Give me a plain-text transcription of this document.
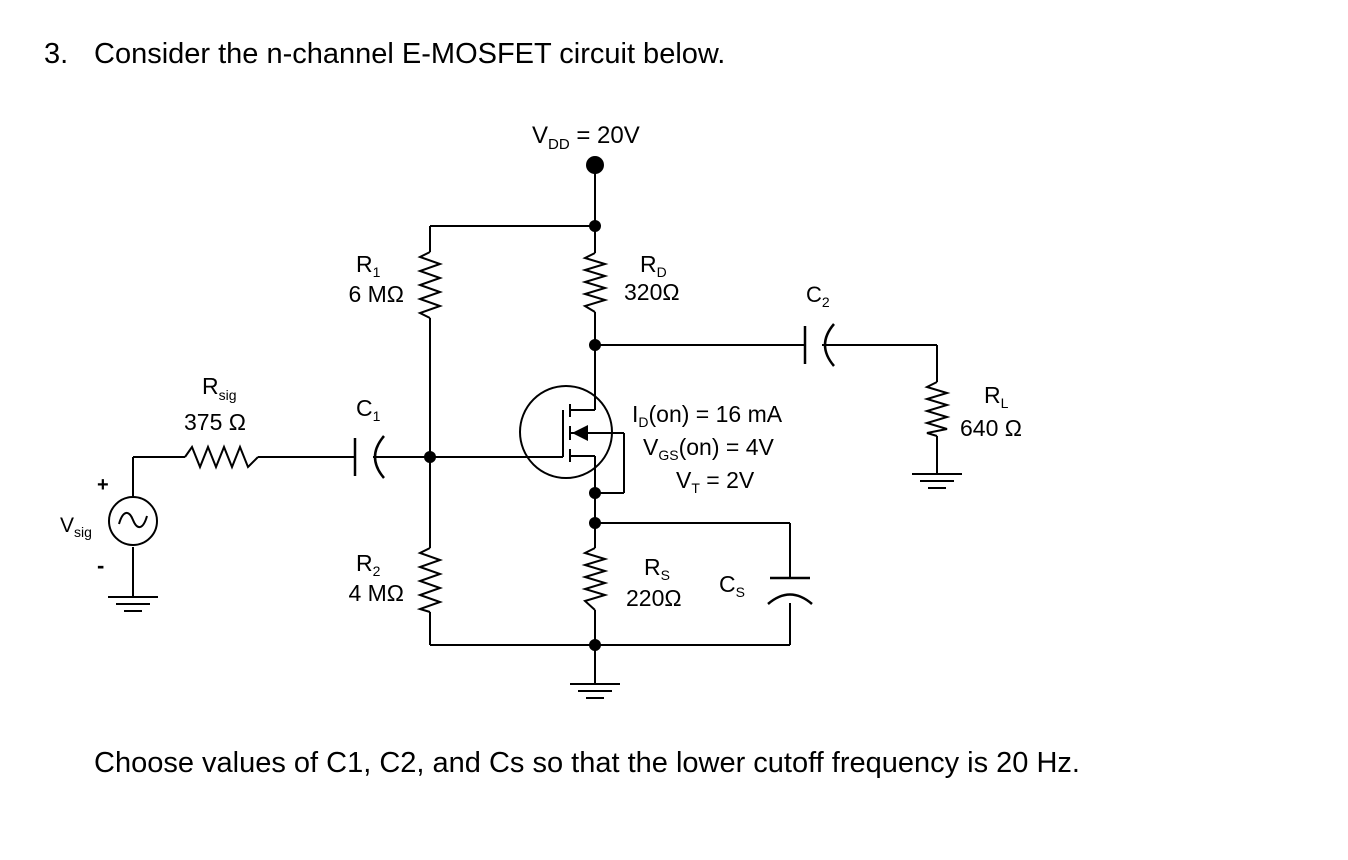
3. Consider the n-channel E-MOSFET circuit below.
$V_{DD} = 20V$
$R_1$
6 MΩ
$R_D$
320Ω	$C_2$
$R_{sig}$
375 Ω
$C_1$	$I_D(on) = 16$ mA
$V_{GS}(on) = 4V$
$V_T = 2V$
$R_L$
640 Ω
+
$V_{sig}$
-	$R_2$
4 MΩ
$R_S$
220Ω
$C_S$
Choose values of C1, C2, and Cs so that the lower cutoff frequency is 20 Hz.
